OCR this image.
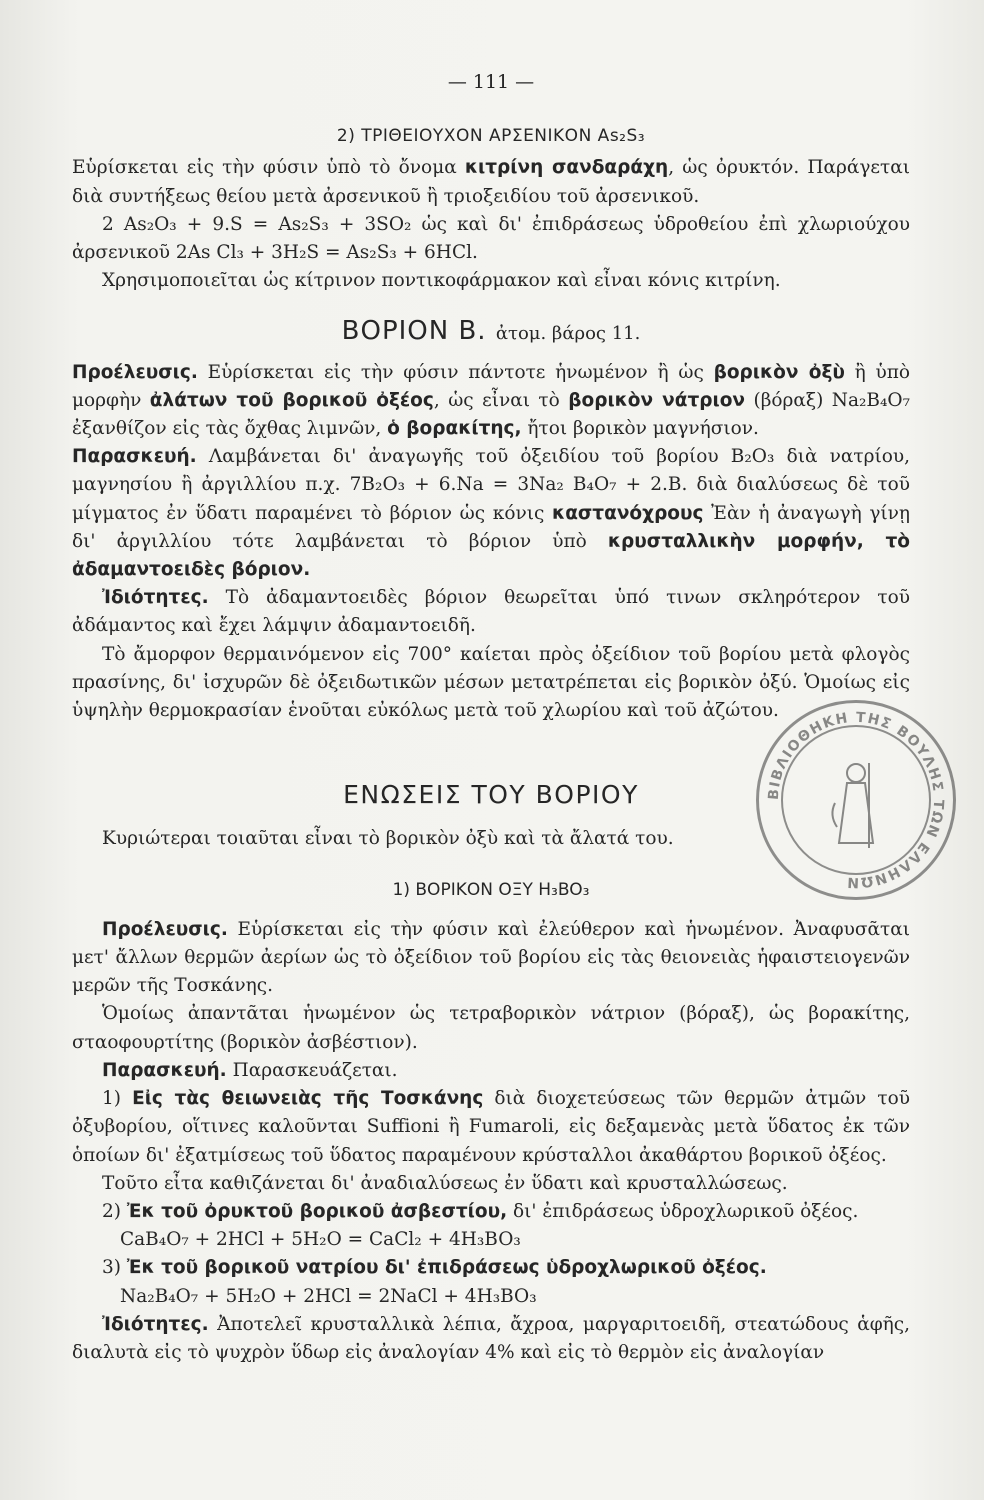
— 111 —
2) ΤΡΙΘΕΙΟΥΧΟΝ ΑΡΣΕΝΙΚΟΝ As₂S₃

Εὑρίσκεται εἰς τὴν φύσιν ὑπὸ τὸ ὄνομα κιτρίνη σανδαράχη, ὡς ὀρυκτόν. Παράγεται διὰ συντήξεως θείου μετὰ ἀρσενικοῦ ἢ τριοξειδίου τοῦ ἀρσενικοῦ.

2 As₂O₃ + 9.S = As₂S₃ + 3SO₂ ὡς καὶ δι' ἐπιδράσεως ὑδροθείου ἐπὶ χλωριούχου ἀρσενικοῦ 2As Cl₃ + 3H₂S = As₂S₃ + 6HCl.

Χρησιμοποιεῖται ὡς κίτρινον ποντικοφάρμακον καὶ εἶναι κόνις κιτρίνη.

ΒΟΡΙΟΝ Β. ἀτομ. βάρος 11.

Προέλευσις. Εὑρίσκεται εἰς τὴν φύσιν πάντοτε ἡνωμένον ἢ ὡς βορικὸν ὀξὺ ἢ ὑπὸ μορφὴν ἀλάτων τοῦ βορικοῦ ὀξέος, ὡς εἶναι τὸ βορικὸν νάτριον (βόραξ) Na₂B₄O₇ ἐξανθίζον εἰς τὰς ὄχθας λιμνῶν, ὁ βορακίτης, ἤτοι βορικὸν μαγνήσιον.

Παρασκευή. Λαμβάνεται δι' ἀναγωγῆς τοῦ ὀξειδίου τοῦ βορίου B₂O₃ διὰ νατρίου, μαγνησίου ἢ ἀργιλλίου π.χ. 7B₂O₃ + 6.Na = 3Na₂ B₄O₇ + 2.B. διὰ διαλύσεως δὲ τοῦ μίγματος ἐν ὕδατι παραμένει τὸ βόριον ὡς κόνις καστανόχρους Ἐὰν ἡ ἀναγωγὴ γίνῃ δι' ἀργιλλίου τότε λαμβάνεται τὸ βόριον ὑπὸ κρυσταλλικὴν μορφήν, τὸ ἀδαμαντοειδὲς βόριον.

Ἰδιότητες. Τὸ ἀδαμαντοειδὲς βόριον θεωρεῖται ὑπό τινων σκληρότερον τοῦ ἀδάμαντος καὶ ἔχει λάμψιν ἀδαμαντοειδῆ.

Τὸ ἄμορφον θερμαινόμενον εἰς 700° καίεται πρὸς ὀξείδιον τοῦ βορίου μετὰ φλογὸς πρασίνης, δι' ἰσχυρῶν δὲ ὀξειδωτικῶν μέσων μετατρέπεται εἰς βορικὸν ὀξύ. Ὁμοίως εἰς ὑψηλὴν θερμοκρασίαν ἑνοῦται εὐκόλως μετὰ τοῦ χλωρίου καὶ τοῦ ἀζώτου.

ΕΝΩΣΕΙΣ ΤΟΥ ΒΟΡΙΟΥ

Κυριώτεραι τοιαῦται εἶναι τὸ βορικὸν ὀξὺ καὶ τὰ ἄλατά του.

1) ΒΟΡΙΚΟΝ ΟΞΥ H₃BO₃

Προέλευσις. Εὑρίσκεται εἰς τὴν φύσιν καὶ ἐλεύθερον καὶ ἡνωμένον. Ἀναφυσᾶται μετ' ἄλλων θερμῶν ἀερίων ὡς τὸ ὀξείδιον τοῦ βορίου εἰς τὰς θειονειὰς ἡφαιστειογενῶν μερῶν τῆς Τοσκάνης.

Ὁμοίως ἀπαντᾶται ἡνωμένον ὡς τετραβορικὸν νάτριον (βόραξ), ὡς βορακίτης, σταοφουρτίτης (βορικὸν ἀσβέστιον).

Παρασκευή. Παρασκευάζεται.

1) Εἰς τὰς θειωνειὰς τῆς Τοσκάνης διὰ διοχετεύσεως τῶν θερμῶν ἀτμῶν τοῦ ὀξυβορίου, οἵτινες καλοῦνται Suffioni ἢ Fumaroli, εἰς δεξαμενὰς μετὰ ὕδατος ἐκ τῶν ὁποίων δι' ἐξατμίσεως τοῦ ὕδατος παραμένουν κρύσταλλοι ἀκαθάρτου βορικοῦ ὀξέος.

Τοῦτο εἶτα καθιζάνεται δι' ἀναδιαλύσεως ἐν ὕδατι καὶ κρυσταλλώσεως.

2) Ἐκ τοῦ ὀρυκτοῦ βορικοῦ ἀσβεστίου, δι' ἐπιδράσεως ὑδροχλωρικοῦ ὀξέος.

CaB₄O₇ + 2HCl + 5H₂O = CaCl₂ + 4H₃BO₃

3) Ἐκ τοῦ βορικοῦ νατρίου δι' ἐπιδράσεως ὑδροχλωρικοῦ ὀξέος.

Na₂B₄O₇ + 5H₂O + 2HCl = 2NaCl + 4H₃BO₃

Ἰδιότητες. Ἀποτελεῖ κρυσταλλικὰ λέπια, ἄχροα, μαργαριτοειδῆ, στεατώδους ἁφῆς, διαλυτὰ εἰς τὸ ψυχρὸν ὕδωρ εἰς ἀναλογίαν 4% καὶ εἰς τὸ θερμὸν εἰς ἀναλογίαν

ΒΙΒΛΙΟΘΗΚΗ ΤΗΣ ΒΟΥΛΗΣ ΤΩΝ ΕΛΛΗΝΩΝ
